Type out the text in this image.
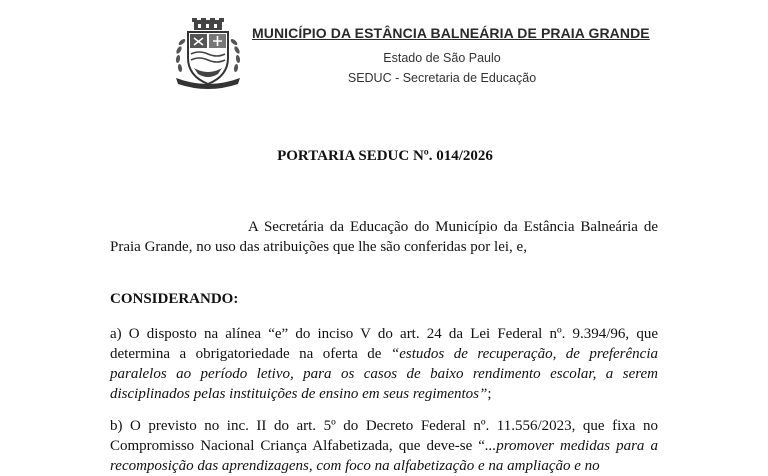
MUNICÍPIO DA ESTÂNCIA BALNEÁRIA DE PRAIA GRANDE
Estado de São Paulo
SEDUC - Secretaria de Educação
PORTARIA SEDUC Nº. 014/2026
A Secretária da Educação do Município da Estância Balneária de Praia Grande, no uso das atribuições que lhe são conferidas por lei, e,
CONSIDERANDO:
a) O disposto na alínea “e” do inciso V do art. 24 da Lei Federal nº. 9.394/96, que determina a obrigatoriedade na oferta de “estudos de recuperação, de preferência paralelos ao período letivo, para os casos de baixo rendimento escolar, a serem disciplinados pelas instituições de ensino em seus regimentos”;
b) O previsto no inc. II do art. 5º do Decreto Federal nº. 11.556/2023, que fixa no Compromisso Nacional Criança Alfabetizada, que deve-se “...promover medidas para a recomposição das aprendizagens, com foco na alfabetização e na ampliação e no
